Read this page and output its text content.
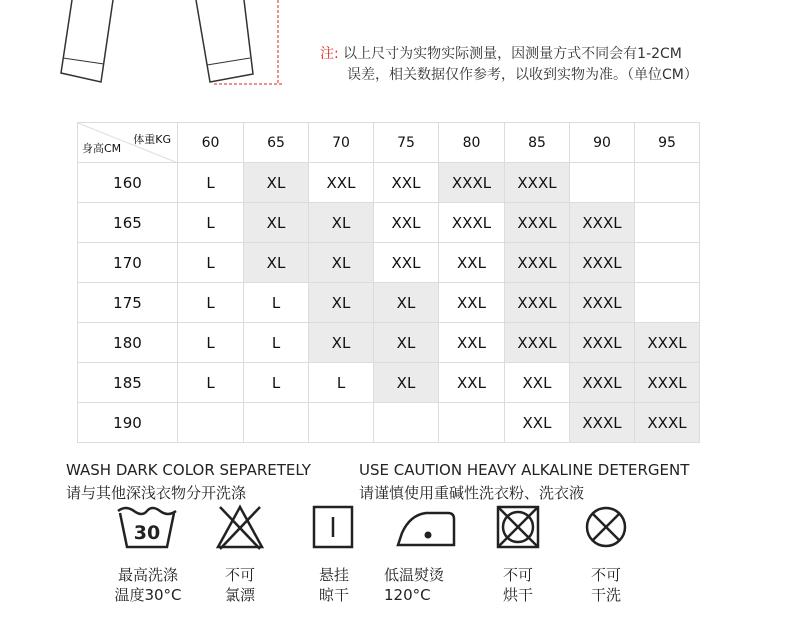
注: 以上尺寸为实物实际测量，因测量方式不同会有1-2CM
误差，相关数据仅作参考，以收到实物为准。（单位CM）
体重KG
身高CM	60	65	70	75	80	85	90	95
160	L	XL	XXL	XXL	XXXL	XXXL		
165	L	XL	XL	XXL	XXXL	XXXL	XXXL	
170	L	XL	XL	XXL	XXL	XXXL	XXXL	
175	L	L	XL	XL	XXL	XXXL	XXXL	
180	L	L	XL	XL	XXL	XXXL	XXXL	XXXL
185	L	L	L	XL	XXL	XXL	XXXL	XXXL
190						XXL	XXXL	XXXL
WASH DARK COLOR SEPARETELY
请与其他深浅衣物分开洗涤
USE CAUTION HEAVY ALKALINE DETERGENT
请谨慎使用重碱性洗衣粉、洗衣液
30
最高洗涤
温度30°C
不可
氯漂
悬挂
晾干
低温熨烫
120°C
不可
烘干
不可
干洗
